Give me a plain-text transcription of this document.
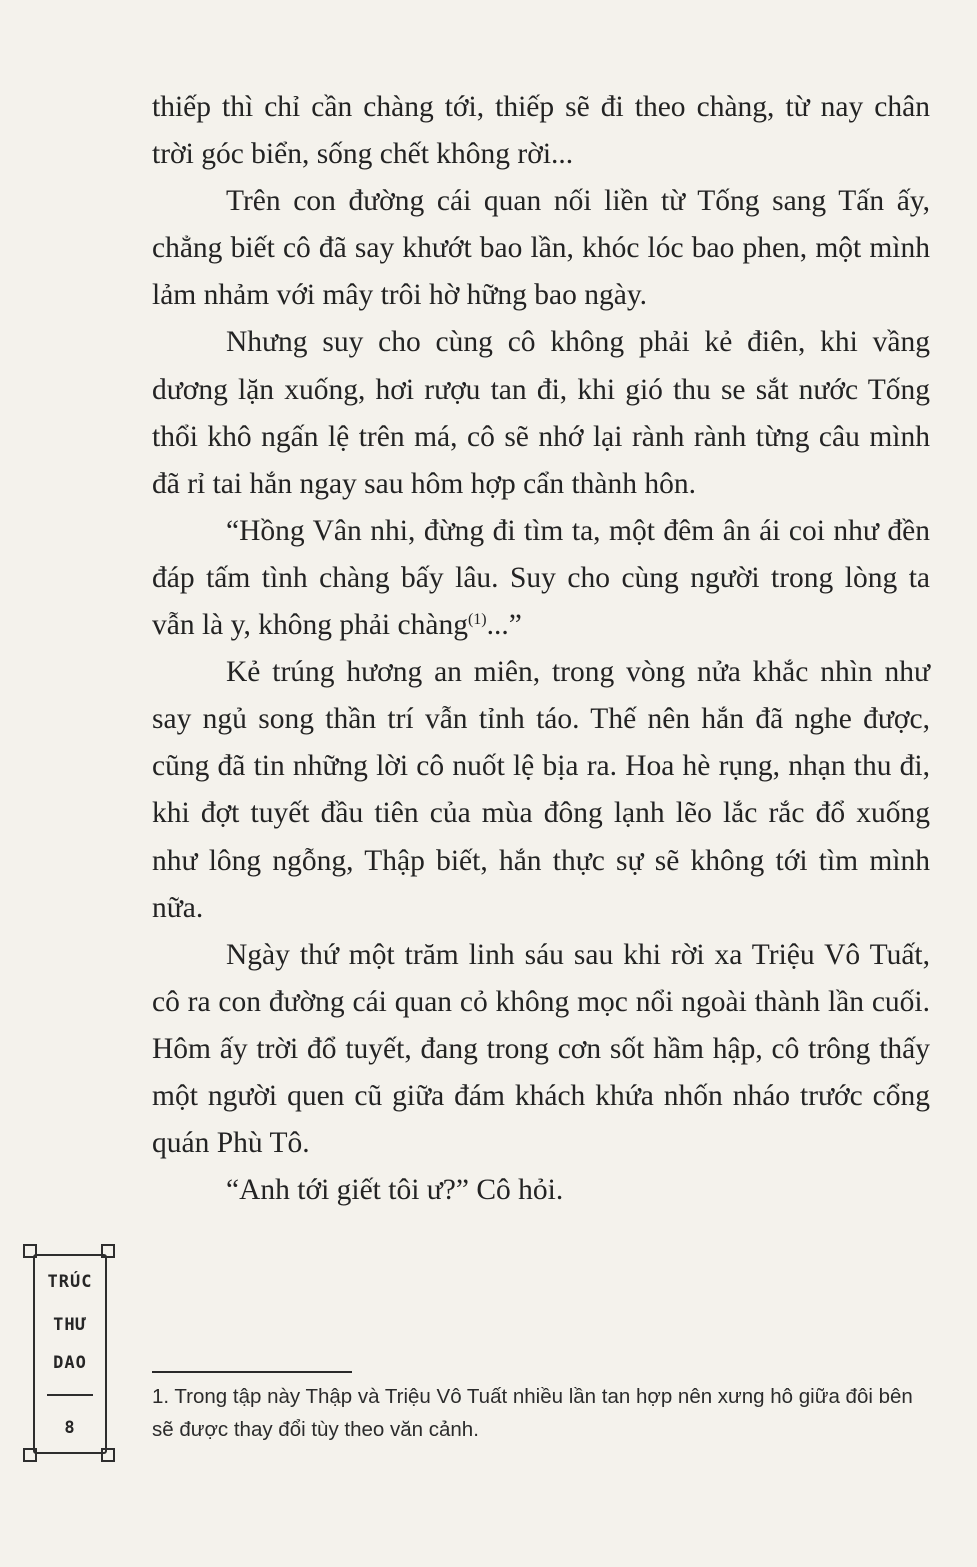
thiếp thì chỉ cần chàng tới, thiếp sẽ đi theo chàng, từ nay chân trời góc biển, sống chết không rời...

Trên con đường cái quan nối liền từ Tống sang Tấn ấy, chẳng biết cô đã say khướt bao lần, khóc lóc bao phen, một mình lảm nhảm với mây trôi hờ hững bao ngày.

Nhưng suy cho cùng cô không phải kẻ điên, khi vầng dương lặn xuống, hơi rượu tan đi, khi gió thu se sắt nước Tống thổi khô ngấn lệ trên má, cô sẽ nhớ lại rành rành từng câu mình đã rỉ tai hắn ngay sau hôm hợp cẩn thành hôn.

“Hồng Vân nhi, đừng đi tìm ta, một đêm ân ái coi như đền đáp tấm tình chàng bấy lâu. Suy cho cùng người trong lòng ta vẫn là y, không phải chàng$^{(1)}$...”

Kẻ trúng hương an miên, trong vòng nửa khắc nhìn như say ngủ song thần trí vẫn tỉnh táo. Thế nên hắn đã nghe được, cũng đã tin những lời cô nuốt lệ bịa ra. Hoa hè rụng, nhạn thu đi, khi đợt tuyết đầu tiên của mùa đông lạnh lẽo lắc rắc đổ xuống như lông ngỗng, Thập biết, hắn thực sự sẽ không tới tìm mình nữa.

Ngày thứ một trăm linh sáu sau khi rời xa Triệu Vô Tuất, cô ra con đường cái quan cỏ không mọc nổi ngoài thành lần cuối. Hôm ấy trời đổ tuyết, đang trong cơn sốt hầm hập, cô trông thấy một người quen cũ giữa đám khách khứa nhốn nháo trước cổng quán Phù Tô.

“Anh tới giết tôi ư?” Cô hỏi.

1. Trong tập này Thập và Triệu Vô Tuất nhiều lần tan hợp nên xưng hô giữa đôi bên sẽ được thay đổi tùy theo văn cảnh.

TRÚC
THƯ
DAO
8
